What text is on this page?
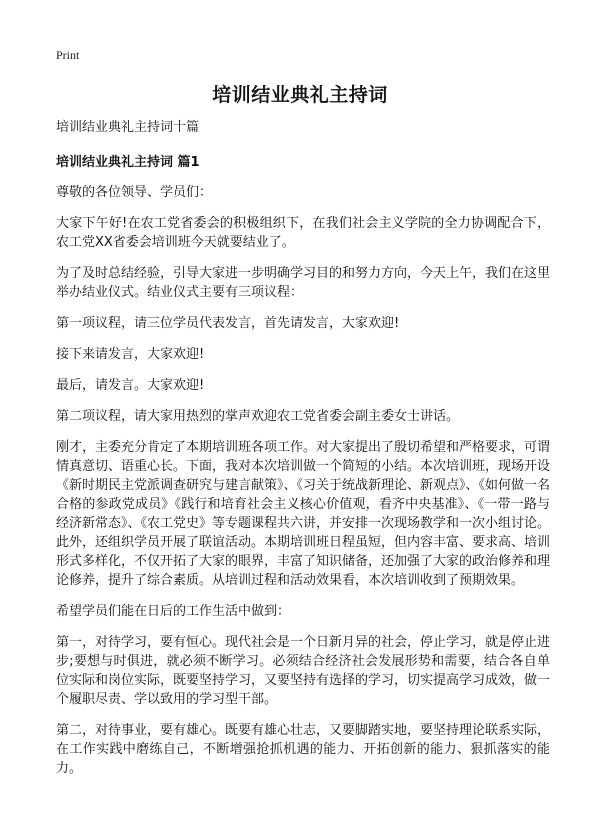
Print
培训结业典礼主持词
培训结业典礼主持词十篇
培训结业典礼主持词 篇1

尊敬的各位领导、学员们：

大家下午好!在农工党省委会的积极组织下，在我们社会主义学院的全力协调配合下，农工党XX省委会培训班今天就要结业了。

为了及时总结经验，引导大家进一步明确学习目的和努力方向，今天上午，我们在这里举办结业仪式。结业仪式主要有三项议程：

第一项议程，请三位学员代表发言，首先请发言，大家欢迎!

接下来请发言，大家欢迎!

最后，请发言。大家欢迎!

第二项议程，请大家用热烈的掌声欢迎农工党省委会副主委女士讲话。

刚才，主委充分肯定了本期培训班各项工作。对大家提出了殷切希望和严格要求，可谓情真意切、语重心长。下面，我对本次培训做一个简短的小结。本次培训班，现场开设《新时期民主党派调查研究与建言献策》、《习关于统战新理论、新观点》、《如何做一名合格的参政党成员》《践行和培育社会主义核心价值观，看齐中央基准》、《一带一路与经济新常态》、《农工党史》等专题课程共六讲，并安排一次现场教学和一次小组讨论。此外，还组织学员开展了联谊活动。本期培训班日程虽短，但内容丰富、要求高、培训形式多样化，不仅开拓了大家的眼界，丰富了知识储备，还加强了大家的政治修养和理论修养，提升了综合素质。从培训过程和活动效果看，本次培训收到了预期效果。

希望学员们能在日后的工作生活中做到：

第一，对待学习，要有恒心。现代社会是一个日新月异的社会，停止学习，就是停止进步;要想与时俱进，就必须不断学习。必须结合经济社会发展形势和需要，结合各自单位实际和岗位实际，既要坚持学习，又要坚持有选择的学习，切实提高学习成效，做一个履职尽责、学以致用的学习型干部。

第二，对待事业，要有雄心。既要有雄心壮志，又要脚踏实地，要坚持理论联系实际，在工作实践中磨练自己，不断增强抢抓机遇的能力、开拓创新的能力、狠抓落实的能力。
